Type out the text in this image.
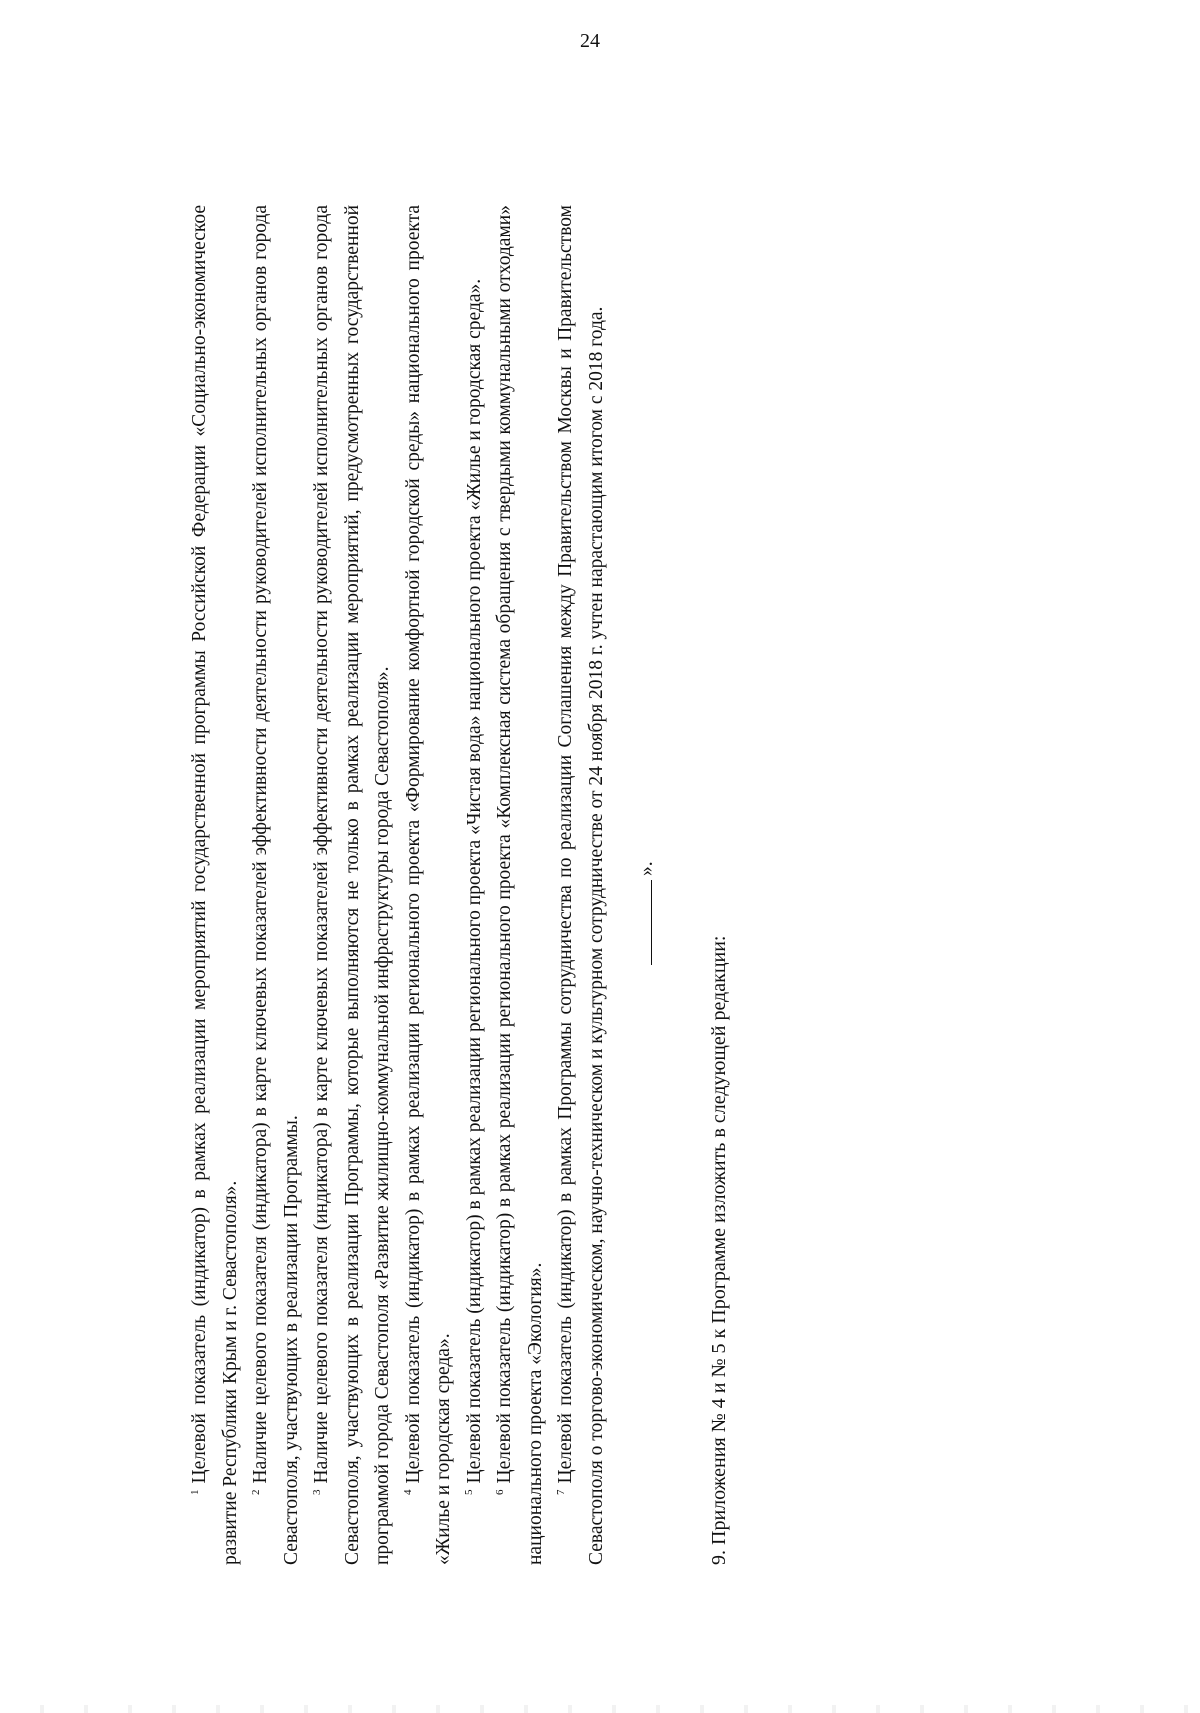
24

$^1$Целевой показатель (индикатор) в рамках реализации мероприятий государственной программы Российской Федерации «Социально-экономическое развитие Республики Крым и г. Севастополя». $^2$Наличие целевого показателя (индикатора) в карте ключевых показателей эффективности деятельности руководителей исполнительных органов города Севастополя, участвующих в реализации Программы. $^3$Наличие целевого показателя (индикатора) в карте ключевых показателей эффективности деятельности руководителей исполнительных органов города Севастополя, участвующих в реализации Программы, которые выполняются не только в рамках реализации мероприятий, предусмотренных государственной программой города Севастополя «Развитие жилищно-коммунальной инфраструктуры города Севастополя». $^4$Целевой показатель (индикатор) в рамках реализации регионального проекта «Формирование комфортной городской среды» национального проекта «Жилье и городская среда». $^5$Целевой показатель (индикатор) в рамках реализации регионального проекта «Чистая вода» национального проекта «Жилье и городская среда».

$^6$Целевой показатель (индикатор) в рамках реализации регионального проекта «Комплексная система обращения с твердыми коммунальными отходами» национального проекта «Экология». $^7$Целевой показатель (индикатор) в рамках Программы сотрудничества по реализации Соглашения между Правительством Москвы и Правительством Севастополя о торгово-экономическом, научно-техническом и культурном сотрудничестве от 24 ноября 2018 г. учтен нарастающим итогом с 2018 года. ».

9. Приложения № 4 и № 5 к Программе изложить в следующей редакции:
